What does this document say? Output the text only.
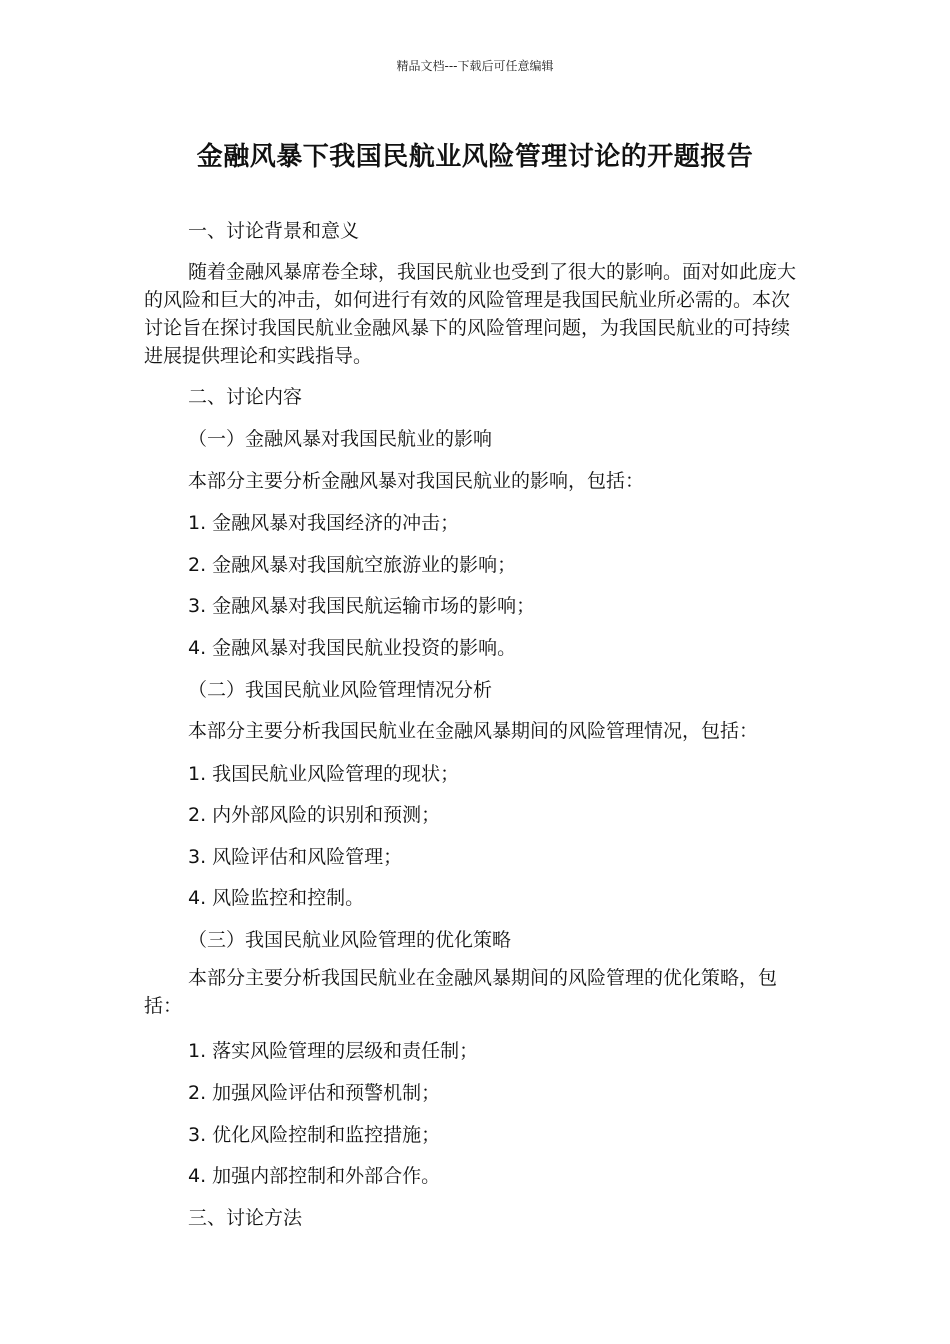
精品文档---下载后可任意编辑
金融风暴下我国民航业风险管理讨论的开题报告
一、讨论背景和意义
随着金融风暴席卷全球，我国民航业也受到了很大的影响。面对如此庞大的风险和巨大的冲击，如何进行有效的风险管理是我国民航业所必需的。本次讨论旨在探讨我国民航业金融风暴下的风险管理问题，为我国民航业的可持续进展提供理论和实践指导。
二、讨论内容
（一）金融风暴对我国民航业的影响
本部分主要分析金融风暴对我国民航业的影响，包括：
1. 金融风暴对我国经济的冲击；
2. 金融风暴对我国航空旅游业的影响；
3. 金融风暴对我国民航运输市场的影响；
4. 金融风暴对我国民航业投资的影响。
（二）我国民航业风险管理情况分析
本部分主要分析我国民航业在金融风暴期间的风险管理情况，包括：
1. 我国民航业风险管理的现状；
2. 内外部风险的识别和预测；
3. 风险评估和风险管理；
4. 风险监控和控制。
（三）我国民航业风险管理的优化策略
本部分主要分析我国民航业在金融风暴期间的风险管理的优化策略，包括：
1. 落实风险管理的层级和责任制；
2. 加强风险评估和预警机制；
3. 优化风险控制和监控措施；
4. 加强内部控制和外部合作。
三、讨论方法
